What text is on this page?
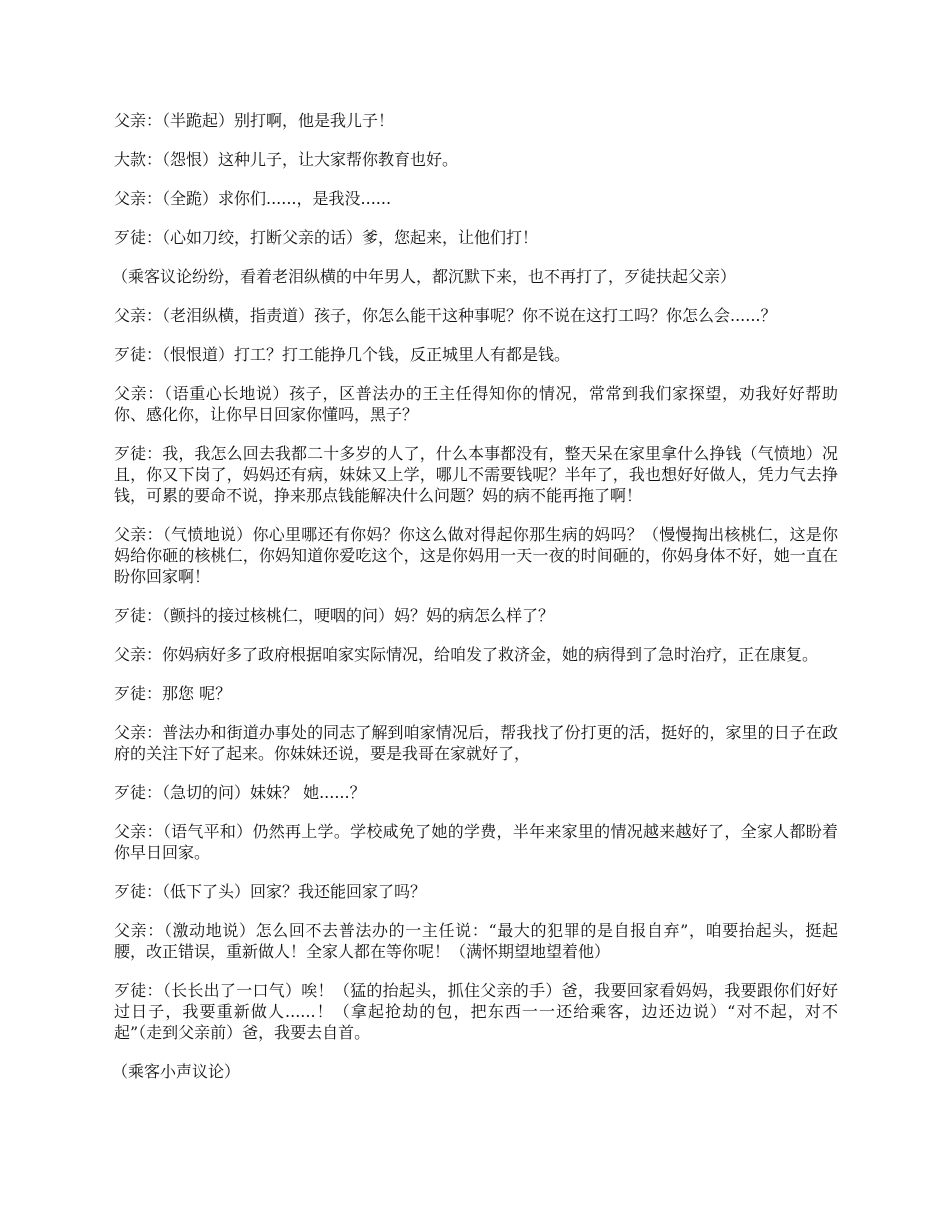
父亲：（半跪起）别打啊，他是我儿子！

大款：（怨恨）这种儿子，让大家帮你教育也好。

父亲：（全跪）求你们......，是我没......

歹徒：（心如刀绞，打断父亲的话）爹，您起来，让他们打！

（乘客议论纷纷，看着老泪纵横的中年男人，都沉默下来，也不再打了，歹徒扶起父亲）

父亲：（老泪纵横，指责道）孩子，你怎么能干这种事呢？你不说在这打工吗？你怎么会......？

歹徒：（恨恨道）打工？打工能挣几个钱，反正城里人有都是钱。

父亲：（语重心长地说）孩子，区普法办的王主任得知你的情况，常常到我们家探望，劝我好好帮助你、感化你，让你早日回家你懂吗，黑子？

歹徒：我，我怎么回去我都二十多岁的人了，什么本事都没有，整天呆在家里拿什么挣钱（气愤地）况且，你又下岗了，妈妈还有病，妹妹又上学，哪儿不需要钱呢？半年了，我也想好好做人，凭力气去挣钱，可累的要命不说，挣来那点钱能解决什么问题？妈的病不能再拖了啊！

父亲：（气愤地说）你心里哪还有你妈？你这么做对得起你那生病的妈吗？（慢慢掏出核桃仁，这是你妈给你砸的核桃仁，你妈知道你爱吃这个，这是你妈用一天一夜的时间砸的，你妈身体不好，她一直在盼你回家啊！

歹徒：（颤抖的接过核桃仁，哽咽的问）妈？妈的病怎么样了？

父亲：你妈病好多了政府根据咱家实际情况，给咱发了救济金，她的病得到了急时治疗，正在康复。

歹徒：那您 呢？

父亲：普法办和街道办事处的同志了解到咱家情况后，帮我找了份打更的活，挺好的，家里的日子在政府的关注下好了起来。你妹妹还说，要是我哥在家就好了，

歹徒：（急切的问）妹妹？ 她......？

父亲：（语气平和）仍然再上学。学校咸免了她的学费，半年来家里的情况越来越好了，全家人都盼着你早日回家。

歹徒：（低下了头）回家？我还能回家了吗？

父亲：（激动地说）怎么回不去普法办的一主任说：“最大的犯罪的是自报自弃”，咱要抬起头，挺起腰，改正错误，重新做人！全家人都在等你呢！（满怀期望地望着他）

歹徒：（长长出了一口气）唉！（猛的抬起头，抓住父亲的手）爸，我要回家看妈妈，我要跟你们好好过日子，我要重新做人......！（拿起抢劫的包，把东西一一还给乘客，边还边说）“对不起，对不起”（走到父亲前）爸，我要去自首。

（乘客小声议论）
